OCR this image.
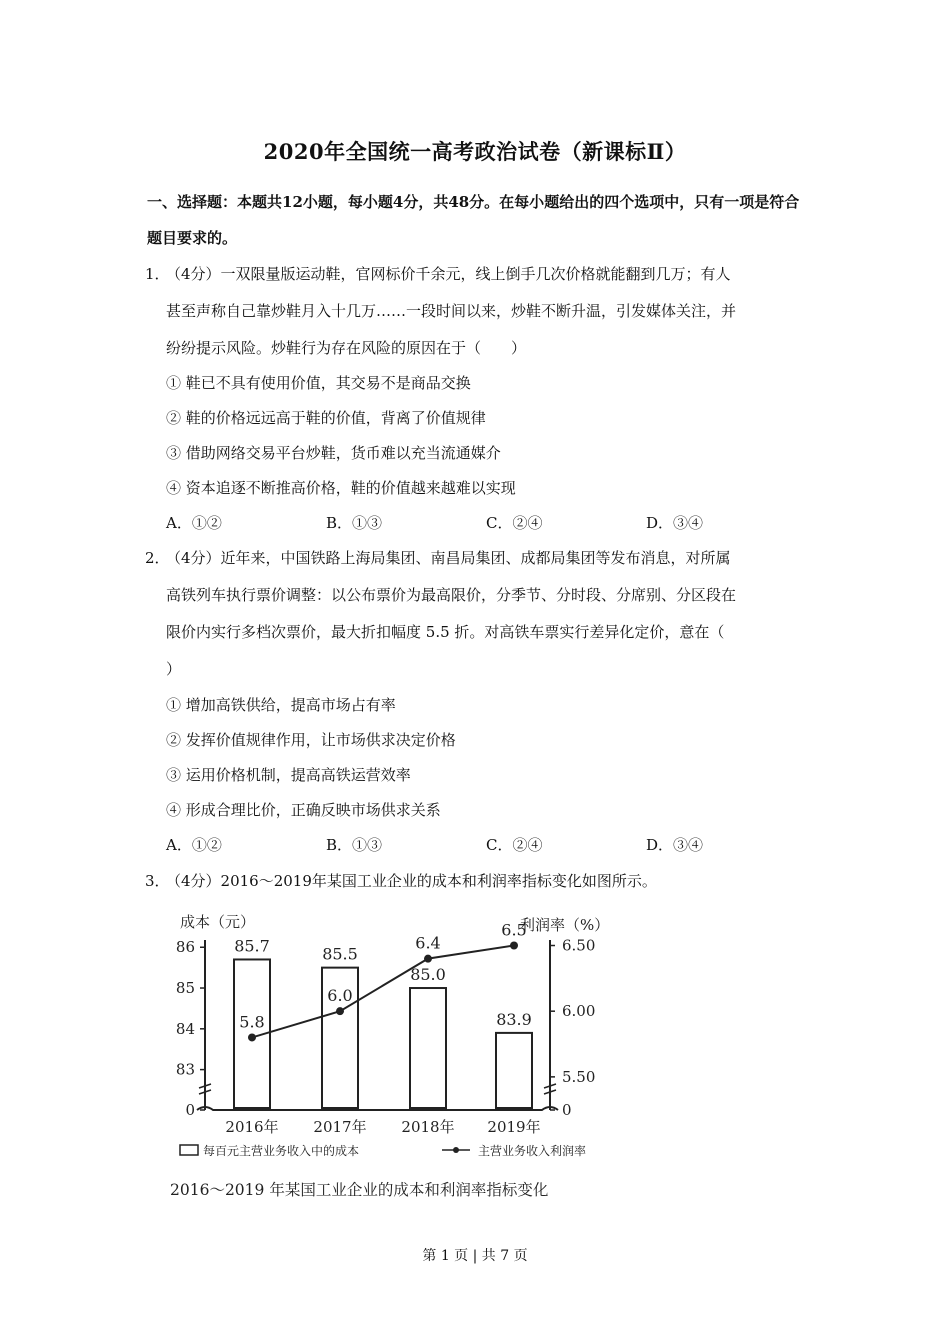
2020年全国统一高考政治试卷（新课标Ⅱ）
一、选择题：本题共12小题，每小题4分，共48分。在每小题给出的四个选项中，只有一项是符合题目要求的。
1．
（4分）一双限量版运动鞋，官网标价千余元，线上倒手几次价格就能翻到几万；有人
甚至声称自己靠炒鞋月入十几万……一段时间以来，炒鞋不断升温，引发媒体关注，并
纷纷提示风险。炒鞋行为存在风险的原因在于（　　）
① 鞋已不具有使用价值，其交易不是商品交换
② 鞋的价格远远高于鞋的价值，背离了价值规律
③ 借助网络交易平台炒鞋，货币难以充当流通媒介
④ 资本追逐不断推高价格，鞋的价值越来越难以实现
A．①②	B．①③	C．②④	D．③④
2．
（4分）近年来，中国铁路上海局集团、南昌局集团、成都局集团等发布消息，对所属
高铁列车执行票价调整：以公布票价为最高限价，分季节、分时段、分席别、分区段在
限价内实行多档次票价，最大折扣幅度 5.5 折。对高铁车票实行差异化定价，意在（
）
① 增加高铁供给，提高市场占有率
② 发挥价值规律作用，让市场供求决定价格
③ 运用价格机制，提高高铁运营效率
④ 形成合理比价，正确反映市场供求关系
A．①②	B．①③	C．②④	D．③④
3．
（4分）2016～2019年某国工业企业的成本和利润率指标变化如图所示。
成本（元）	利润率（%）
85.7	85.5
85.0
83.9
5.8
6.0
6.4
6.5
86
85
84
83
0
6.50
6.00
5.50
0
2016年 2017年 2018年 2019年
每百元主营业务收入中的成本	主营业务收入利润率
2016～2019 年某国工业企业的成本和利润率指标变化
第 1 页 | 共 7 页
